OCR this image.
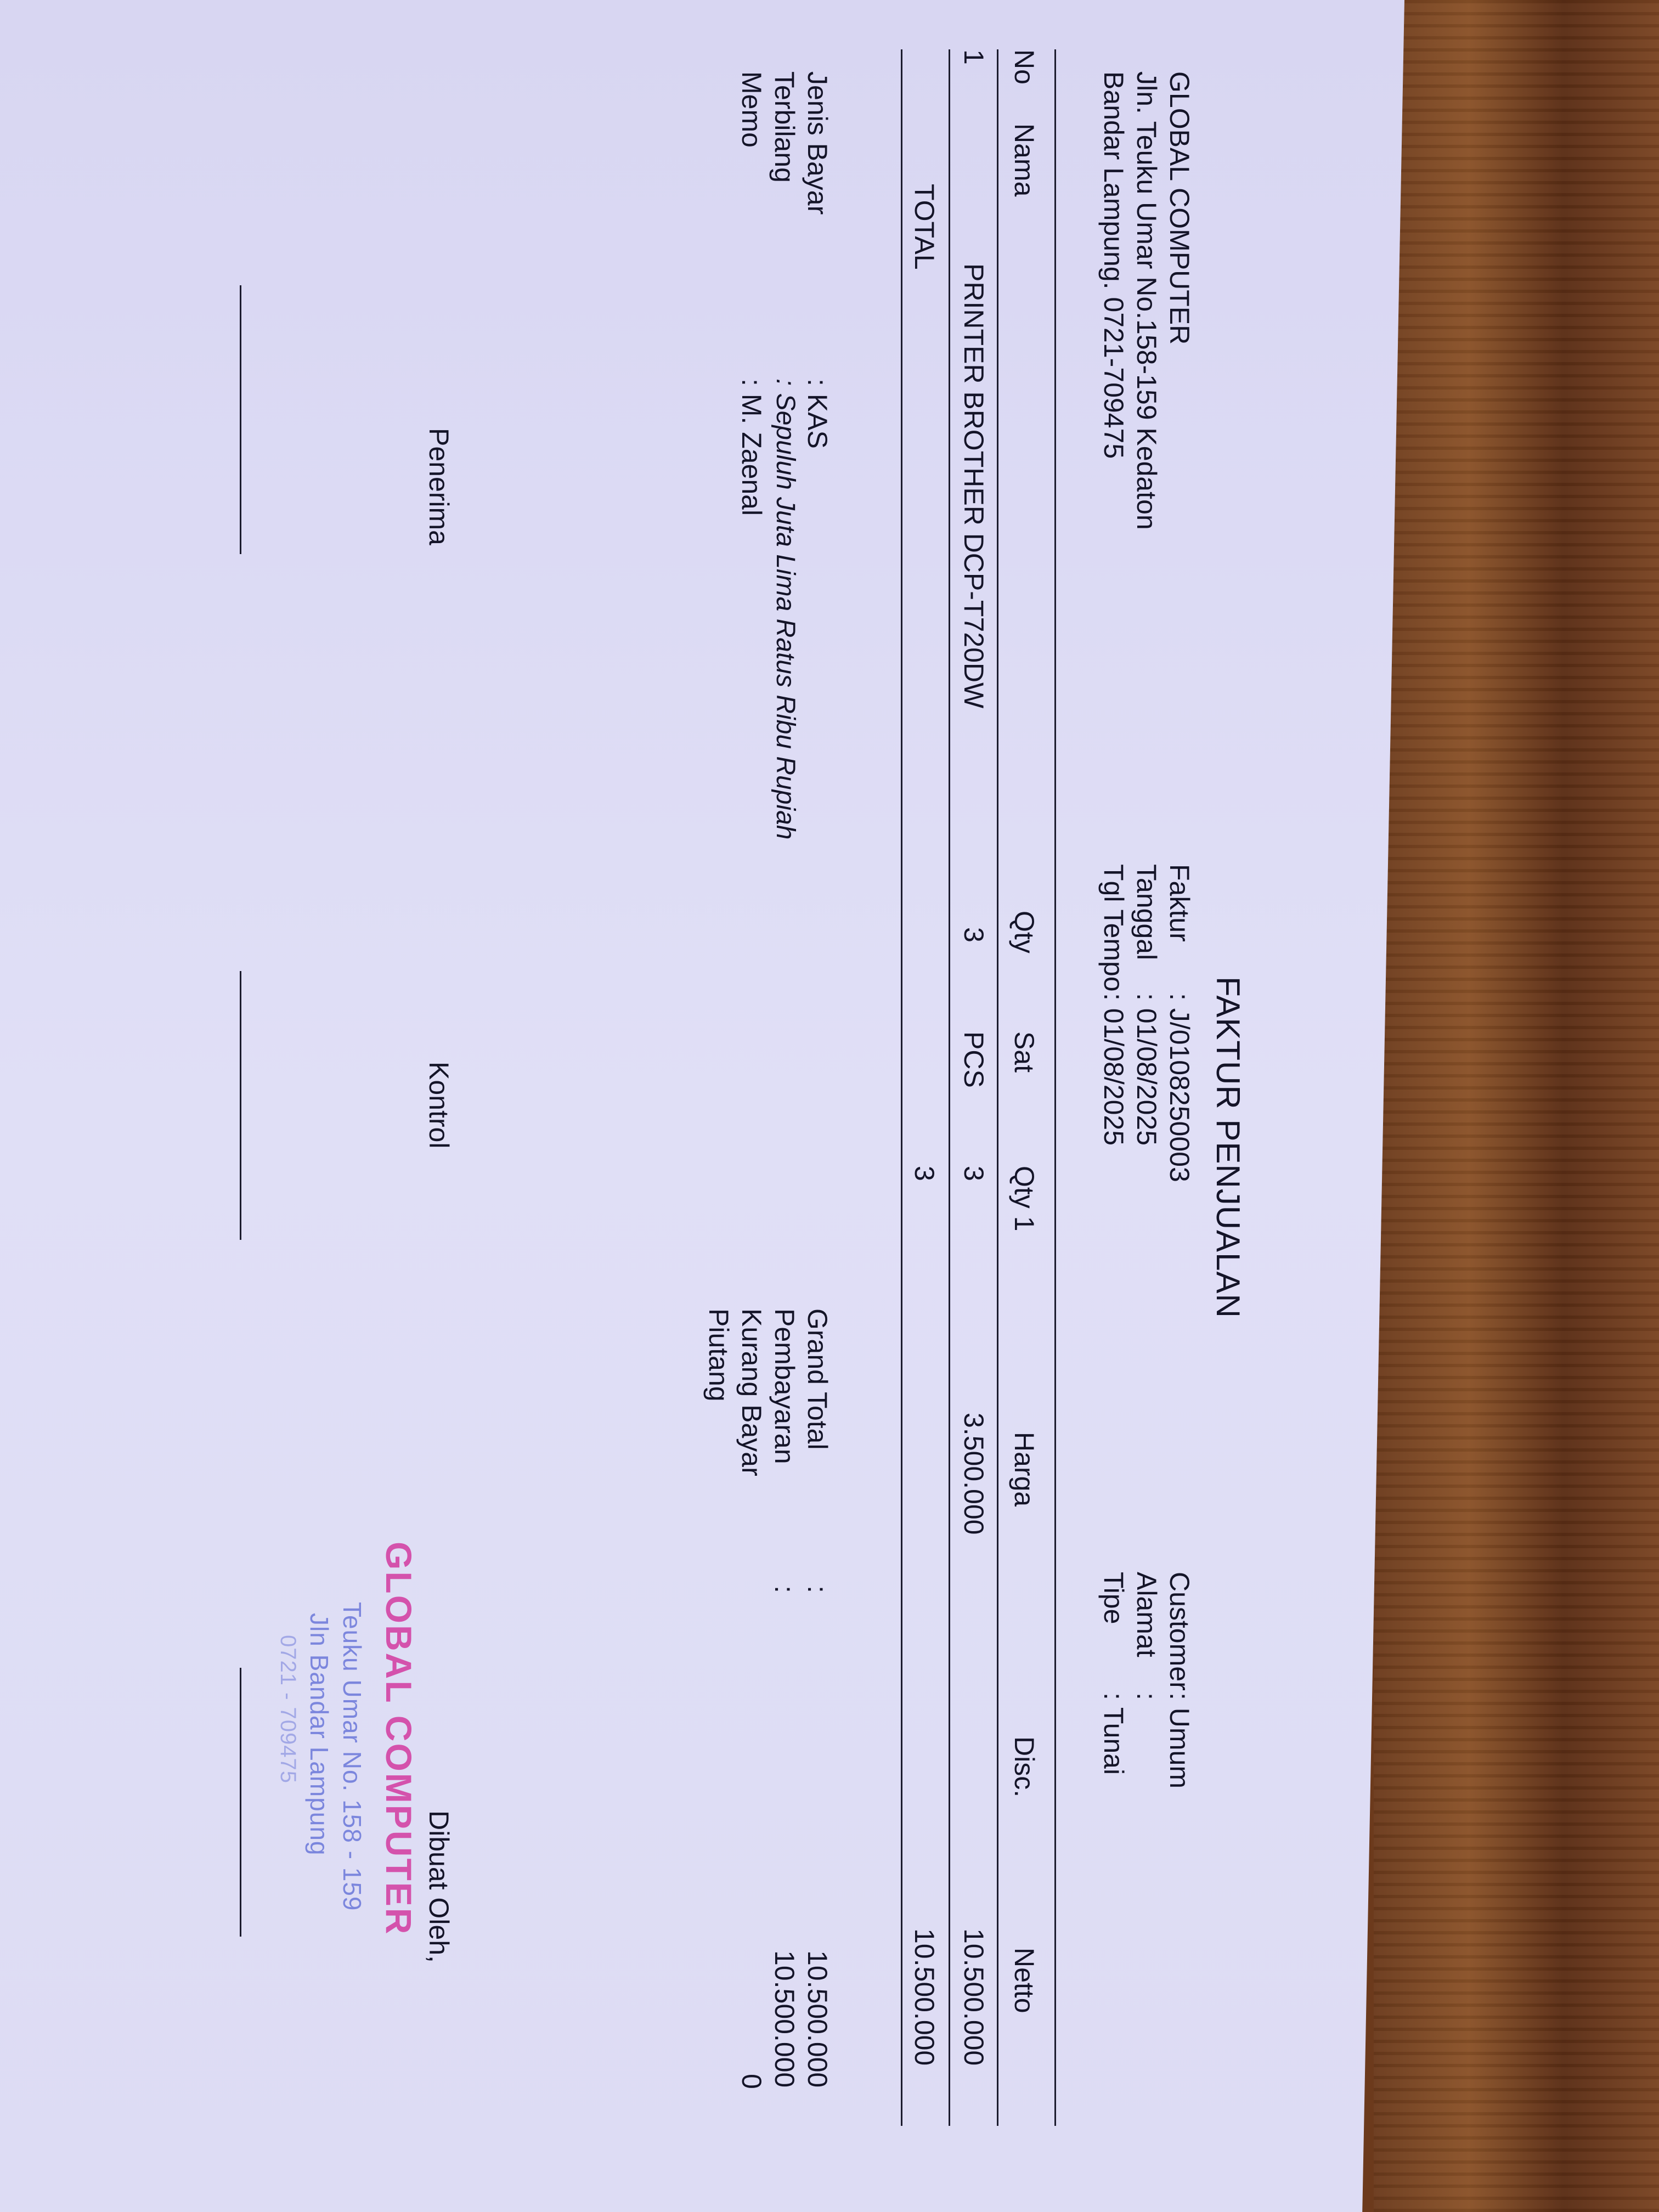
FAKTUR PENJUALAN
GLOBAL COMPUTER
Jln. Teuku Umar No.158-159 Kedaton
Bandar Lampung. 0721-709475
Faktur
: J/0108250003
Tanggal
: 01/08/2025
Tgl Tempo
: 01/08/2025
Customer
: Umum
Alamat
:
Tipe
: Tunai
No
Nama
Qty
Sat
Qty 1
Harga
Disc.
Netto
1
PRINTER BROTHER DCP-T720DW
3
PCS
3
3.500.000
10.500.000
TOTAL
3
10.500.000
Jenis Bayar
: KAS
Terbilang
: Sepuluh Juta Lima Ratus Ribu Rupiah
Memo
: M. Zaenal
Grand Total
:
10.500.000
Pembayaran
:
10.500.000
Kurang Bayar
0
Piutang
Penerima
Kontrol
Dibuat Oleh,
GLOBAL COMPUTER
Teuku Umar No. 158 - 159
Jln Bandar Lampung
0721 - 709475
